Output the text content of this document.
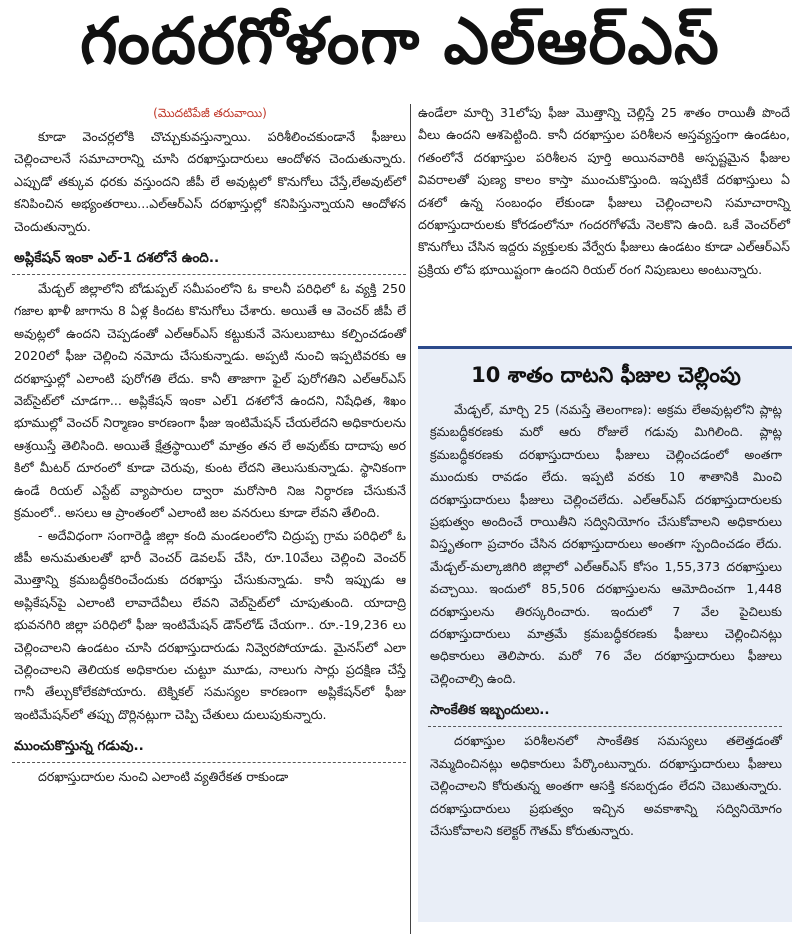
గందరగోళంగా ఎల్‌ఆర్‌ఎస్
(మొదటిపేజీ తరువాయి)

కూడా వెంచర్లలోకి చొచ్చుకువస్తున్నాయి. పరిశీలించకుండానే ఫీజులు చెల్లించాలనే సమాచారాన్ని చూసి దరఖాస్తుదారులు ఆందోళన చెందుతున్నారు. ఎప్పుడో తక్కువ ధరకు వస్తుందని జీపీ లే అవుట్లలో కొనుగోలు చేస్తే,లేఅవుట్‌లో కనిపించిన అభ్యంతరాలు...ఎల్‌ఆర్‌ఎస్ దరఖాస్తుల్లో కనిపిస్తున్నాయని ఆందోళన చెందుతున్నారు.

అప్లికేషన్ ఇంకా ఎల్-1 దశలోనే ఉంది..

మేడ్చల్ జిల్లాలోని బోడుప్పల్ సమీపంలోని ఓ కాలనీ పరిధిలో ఓ వ్యక్తి 250 గజాల ఖాళీ జాగాను 8 ఏళ్ల కిందట కొనుగోలు చేశారు. అయితే ఆ వెంచర్ జీపీ లే అవుట్లలో ఉందని చెప్పడంతో ఎల్‌ఆర్‌ఎస్ కట్టుకునే వెసులుబాటు కల్పించడంతో 2020లో ఫీజు చెల్లించి నమోదు చేసుకున్నాడు. అప్పటి నుంచి ఇప్పటివరకు ఆ దరఖాస్తుల్లో ఎలాంటి పురోగతి లేదు. కానీ తాజాగా ఫైల్ పురోగతిని ఎల్‌ఆర్‌ఎస్ వెబ్‌సైట్‌లో చూడగా... అప్లికేషన్ ఇంకా ఎల్1 దశలోనే ఉందని, నిషేధిత, శిఖం భూముల్లో వెంచర్ నిర్మాణం కారణంగా ఫీజు ఇంటిమేషన్ చేయలేదని అధికారులను ఆశ్రయిస్తే తెలిసింది. అయితే క్షేత్రస్థాయిలో మాత్రం తన లే అవుట్‌కు దాదాపు అర కిలో మీటర్ దూరంలో కూడా చెరువు, కుంట లేదని తెలుసుకున్నాడు. స్థానికంగా ఉండే రియల్ ఎస్టేట్ వ్యాపారుల ద్వారా మరోసారి నిజ నిర్ధారణ చేసుకునే క్రమంలో.. అసలు ఆ ప్రాంతంలో ఎలాంటి జల వనరులు కూడా లేవని తేలింది.

- అదేవిధంగా సంగారెడ్డి జిల్లా కంది మండలంలోని చిద్రుప్ప గ్రామ పరిధిలో ఓ జీపీ అనుమతులతో భారీ వెంచర్ డెవలప్ చేసి, రూ.10వేలు చెల్లించి వెంచర్ మొత్తాన్ని క్రమబద్ధీకరించేందుకు దరఖాస్తు చేసుకున్నాడు. కానీ ఇప్పుడు ఆ అప్లికేషన్‌పై ఎలాంటి లావాదేవీలు లేవని వెబ్‌సైట్‌లో చూపుతుంది. యాదాద్రి భువనగిరి జిల్లా పరిధిలో ఫీజు ఇంటిమేషన్ డౌన్‌లోడ్ చేయగా.. రూ.-19,236 లు చెల్లించాలని ఉండటం చూసి దరఖాస్తుదారుడు నివ్వెరపోయాడు. మైనస్‌లో ఎలా చెల్లించాలని తెలియక అధికారుల చుట్టూ మూడు, నాలుగు సార్లు ప్రదక్షిణ చేస్తే గానీ తేల్చుకోలేకపోయారు. టెక్నికల్ సమస్యల కారణంగా అప్లికేషన్‌లో ఫీజు ఇంటిమేషన్‌లో తప్పు దొర్లినట్లుగా చెప్పి చేతులు దులుపుకున్నారు.

ముంచుకొస్తున్న గడువు..

దరఖాస్తుదారుల నుంచి ఎలాంటి వ్యతిరేకత రాకుండా

ఉండేలా మార్చి 31లోపు ఫీజు మొత్తాన్ని చెల్లిస్తే 25 శాతం రాయితీ పొందే వీలు ఉందని ఆశపెట్టింది. కానీ దరఖాస్తుల పరిశీలన అస్తవ్యస్తంగా ఉండటం, గతంలోనే దరఖాస్తుల పరిశీలన పూర్తి అయినవారికి అస్పష్టమైన ఫీజుల వివరాలతో పుణ్య కాలం కాస్తా ముంచుకొస్తుంది. ఇప్పటికే దరఖాస్తులు ఏ దశలో ఉన్న సంబంధం లేకుండా ఫీజులు చెల్లించాలని సమాచారాన్ని దరఖాస్తుదారులకు కోరడంలోనూ గందరగోళమే నెలకొని ఉంది. ఒకే వెంచర్‌లో కొనుగోలు చేసిన ఇద్దరు వ్యక్తులకు వేర్వేరు ఫీజులు ఉండటం కూడా ఎల్‌ఆర్‌ఎస్ ప్రక్రియ లోప భూయిష్టంగా ఉందని రియల్ రంగ నిపుణులు అంటున్నారు.

10 శాతం దాటని ఫీజుల చెల్లింపు

మేడ్చల్, మార్చి 25 (నమస్తే తెలంగాణ): అక్రమ లేఅవుట్లలోని ప్లాట్ల క్రమబద్ధీకరణకు మరో ఆరు రోజులే గడువు మిగిలింది. ప్లాట్ల క్రమబద్ధీకరణకు దరఖాస్తుదారులు ఫీజులు చెల్లించడంలో అంతగా ముందుకు రావడం లేదు. ఇప్పటి వరకు 10 శాతానికి మించి దరఖాస్తుదారులు ఫీజులు చెల్లించలేదు. ఎల్‌ఆర్‌ఎస్ దరఖాస్తుదారులకు ప్రభుత్వం అందించే రాయితీని సద్వినియోగం చేసుకోవాలని అధికారులు విస్తృతంగా ప్రచారం చేసిన దరఖాస్తుదారులు అంతగా స్పందించడం లేదు. మేడ్చల్-మల్కాజిగిరి జిల్లాలో ఎల్‌ఆర్‌ఎస్ కోసం 1,55,373 దరఖాస్తులు వచ్చాయి. ఇందులో 85,506 దరఖాస్తులను ఆమోదించగా 1,448 దరఖాస్తులను తిరస్కరించారు. ఇందులో 7 వేల పైచిలుకు దరఖాస్తుదారులు మాత్రమే క్రమబద్ధీకరణకు ఫీజులు చెల్లించినట్లు అధికారులు తెలిపారు. మరో 76 వేల దరఖాస్తుదారులు ఫీజులు చెల్లించాల్సి ఉంది.

సాంకేతిక ఇబ్బందులు..

దరఖాస్తుల పరిశీలనలో సాంకేతిక సమస్యలు తలెత్తడంతో నెమ్మదించినట్లు అధికారులు పేర్కొంటున్నారు. దరఖాస్తుదారులు ఫీజులు చెల్లించాలని కోరుతున్న అంతగా ఆసక్తి కనబర్చడం లేదని చెబుతున్నారు. దరఖాస్తుదారులు ప్రభుత్వం ఇచ్చిన అవకాశాన్ని సద్వినియోగం చేసుకోవాలని కలెక్టర్ గౌతమ్ కోరుతున్నారు.
